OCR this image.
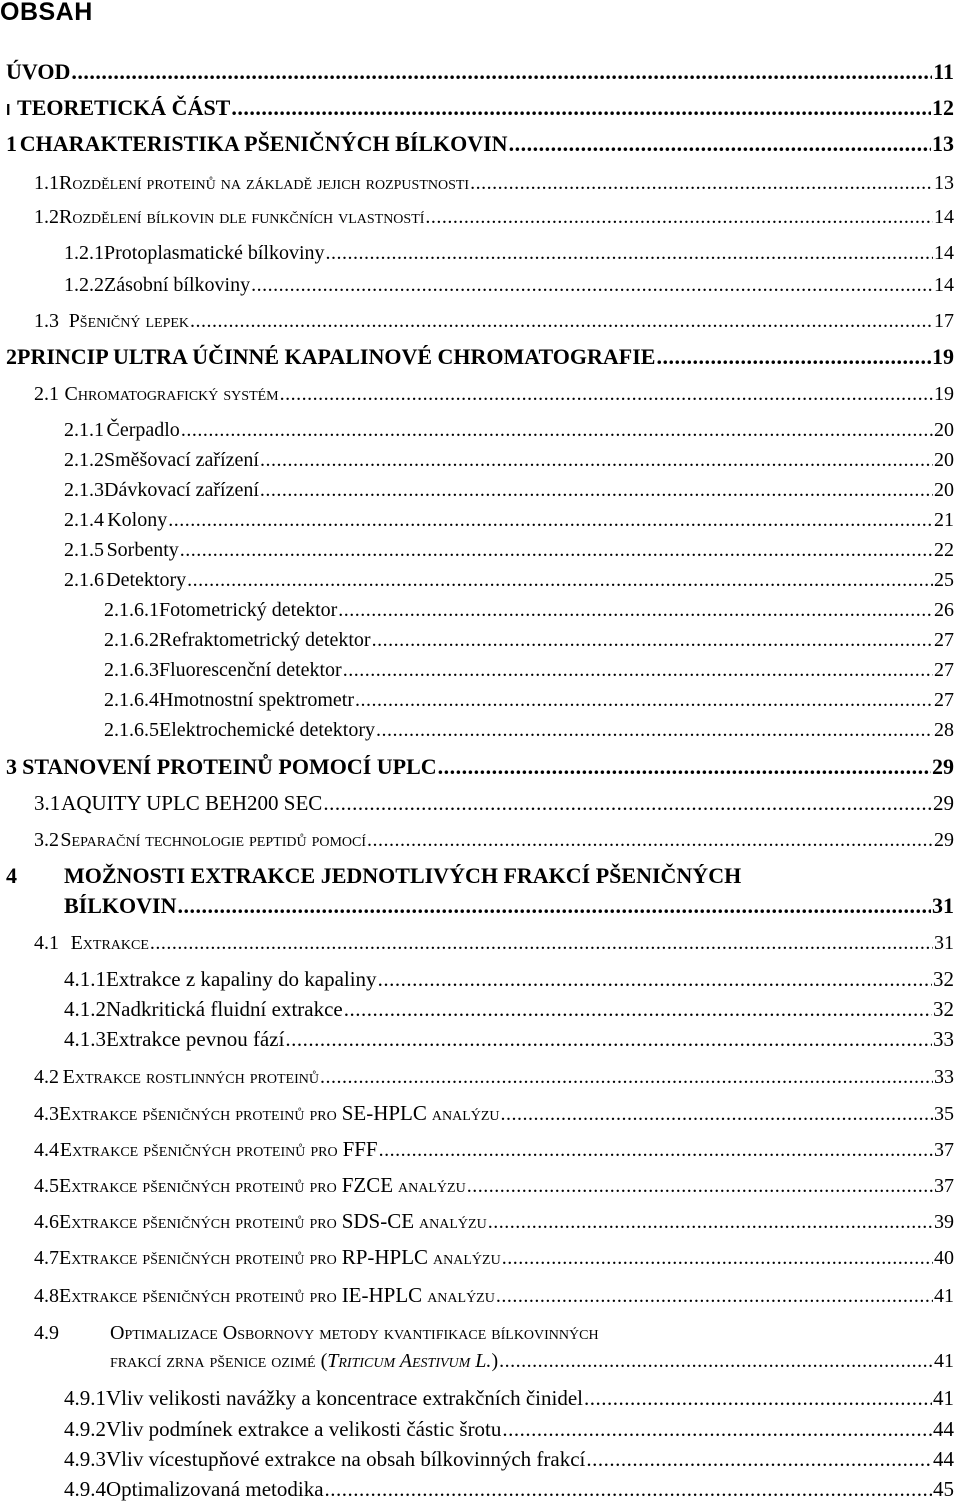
OBSAH
ÚVOD .....	11
I TEORETICKÁ ČÁST .....	12
1 CHARAKTERISTIKA PŠENIČNÝCH BÍLKOVIN .....	13
1.1 Rozdělení proteinů na základě jejich rozpustnosti .....	13
1.2 Rozdělení bílkovin dle funkčních vlastností .....	14
1.2.1 Protoplasmatické bílkoviny .....	14
1.2.2 Zásobní bílkoviny .....	14
1.3 Pšeničný lepek .....	17
2 PRINCIP ULTRA ÚČINNÉ KAPALINOVÉ CHROMATOGRAFIE .....	19
2.1 Chromatografický systém .....	19
2.1.1 Čerpadlo .....	20
2.1.2 Směšovací zařízení .....	20
2.1.3 Dávkovací zařízení .....	20
2.1.4 Kolony .....	21
2.1.5 Sorbenty .....	22
2.1.6 Detektory .....	25
2.1.6.1 Fotometrický detektor .....	26
2.1.6.2 Refraktometrický detektor .....	27
2.1.6.3 Fluorescenční detektor .....	27
2.1.6.4 Hmotnostní spektrometr .....	27
2.1.6.5 Elektrochemické detektory .....	28
3 STANOVENÍ PROTEINŮ POMOCÍ UPLC .....	29
3.1 AQUITY UPLC BEH200 SEC .....	29
3.2 Separační technologie peptidů pomocí .....	29
4	MOŽNOSTI EXTRAKCE JEDNOTLIVÝCH FRAKCÍ PŠENIČNÝCH
BÍLKOVIN .....	31
4.1 Extrakce .....	31
4.1.1 Extrakce z kapaliny do kapaliny .....	32
4.1.2 Nadkritická fluidní extrakce .....	32
4.1.3 Extrakce pevnou fází .....	33
4.2 Extrakce rostlinných proteinů .....	33
4.3 Extrakce pšeničných proteinů pro
SE-HPLC
analýzu .....	35
4.4 Extrakce pšeničných proteinů pro
FFF .....	37
4.5 Extrakce pšeničných proteinů pro
FZCE
analýzu .....	37
4.6 Extrakce pšeničných proteinů pro
SDS-CE
analýzu .....	39
4.7 Extrakce pšeničných proteinů pro
RP-HPLC
analýzu .....	40
4.8 Extrakce pšeničných proteinů pro
IE-HPLC
analýzu .....	41
4.9	Optimalizace Osbornovy metody kvantifikace bílkovinných
frakcí zrna pšenice ozimé ( Triticum Aestivum L. ) .....	41
4.9.1 Vliv velikosti navážky a koncentrace extrakčních činidel .....	41
4.9.2 Vliv podmínek extrakce a velikosti částic šrotu .....	44
4.9.3 Vliv vícestupňové extrakce na obsah bílkovinných frakcí .....	44
4.9.4 Optimalizovaná metodika .....	45
